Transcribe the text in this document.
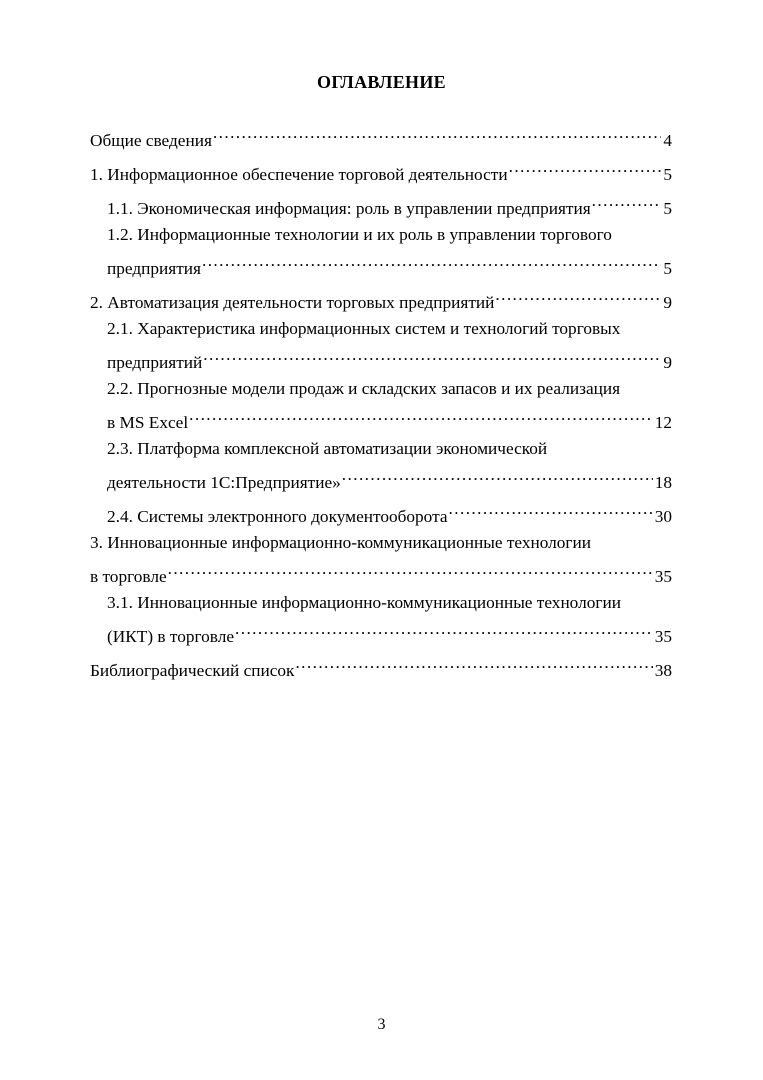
ОГЛАВЛЕНИЕ
Общие сведения .....	4
1. Информационное обеспечение торговой деятельности .....	5
1.1. Экономическая информация: роль в управлении предприятия .....	5
1.2. Информационные технологии и их роль в управлении торгового
предприятия .....	5
2. Автоматизация деятельности торговых предприятий .....	9
2.1. Характеристика информационных систем и технологий торговых
предприятий .....	9
2.2. Прогнозные модели продаж и складских запасов и их реализация
в MS Excel .....	12
2.3. Платформа комплексной автоматизации экономической
деятельности 1С:Предприятие» .....	18
2.4. Системы электронного документооборота .....	30
3. Инновационные информационно-коммуникационные технологии
в торговле .....	35
3.1. Инновационные информационно-коммуникационные технологии
(ИКТ) в торговле .....	35
Библиографический список .....	38
3
